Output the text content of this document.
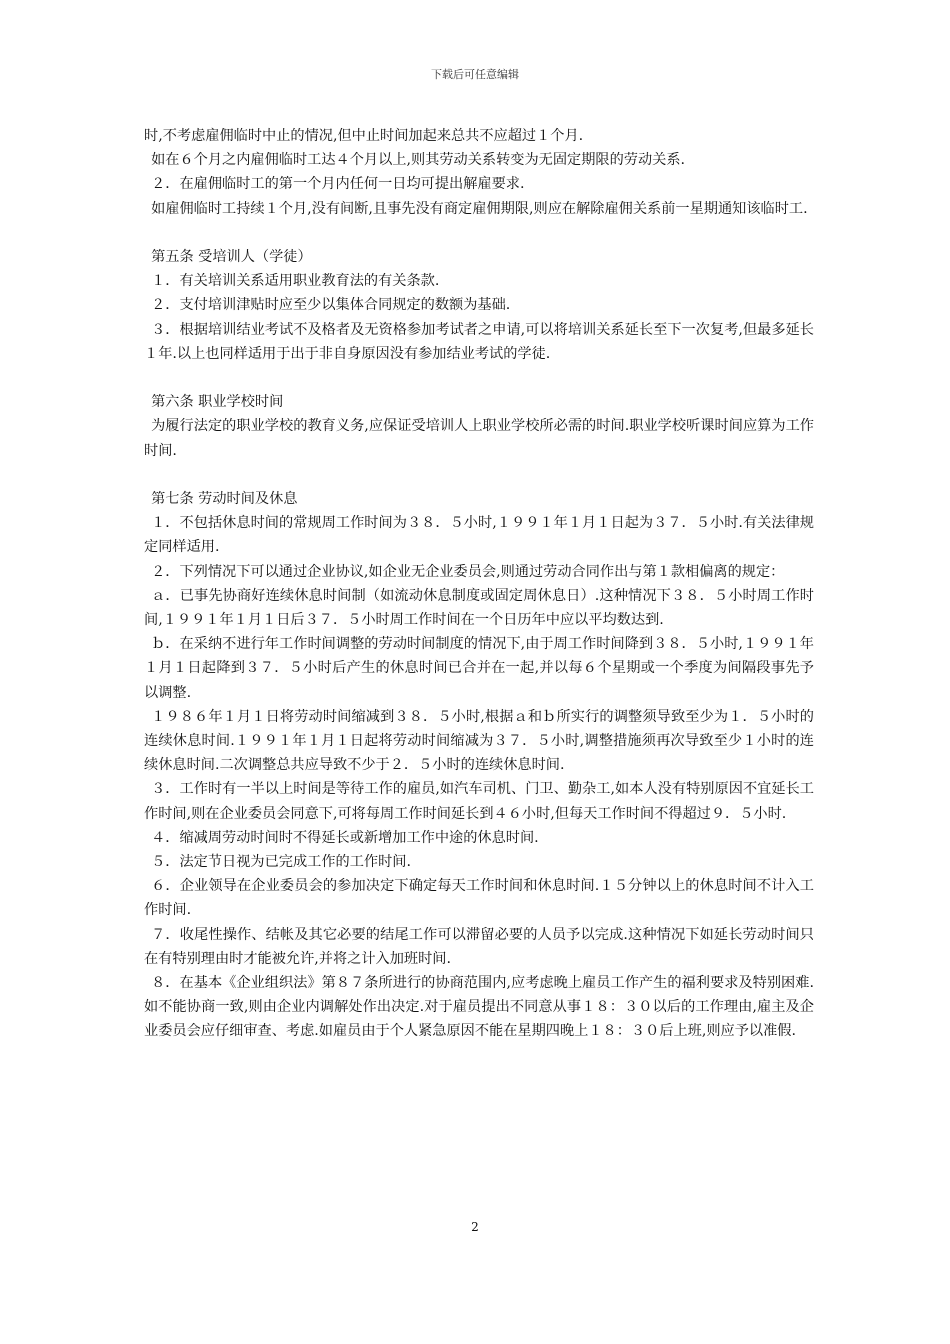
下载后可任意编辑

时,不考虑雇佣临时中止的情况,但中止时间加起来总共不应超过１个月.

如在６个月之内雇佣临时工达４个月以上,则其劳动关系转变为无固定期限的劳动关系.

２．在雇佣临时工的第一个月内任何一日均可提出解雇要求.

如雇佣临时工持续１个月,没有间断,且事先没有商定雇佣期限,则应在解除雇佣关系前一星期通知该临时工.

第五条 受培训人（学徒）

１．有关培训关系适用职业教育法的有关条款.

２．支付培训津贴时应至少以集体合同规定的数额为基础.

３．根据培训结业考试不及格者及无资格参加考试者之申请,可以将培训关系延长至下一次复考,但最多延长１年.以上也同样适用于出于非自身原因没有参加结业考试的学徒.

第六条 职业学校时间

为履行法定的职业学校的教育义务,应保证受培训人上职业学校所必需的时间.职业学校听课时间应算为工作时间.

第七条 劳动时间及休息

１．不包括休息时间的常规周工作时间为３８．５小时,１９９１年１月１日起为３７．５小时.有关法律规定同样适用.

２．下列情况下可以通过企业协议,如企业无企业委员会,则通过劳动合同作出与第１款相偏离的规定：

ａ．已事先协商好连续休息时间制（如流动休息制度或固定周休息日）.这种情况下３８．５小时周工作时间,１９９１年１月１日后３７．５小时周工作时间在一个日历年中应以平均数达到.

ｂ．在采纳不进行年工作时间调整的劳动时间制度的情况下,由于周工作时间降到３８．５小时,１９９１年１月１日起降到３７．５小时后产生的休息时间已合并在一起,并以每６个星期或一个季度为间隔段事先予以调整.

１９８６年１月１日将劳动时间缩减到３８．５小时,根据ａ和ｂ所实行的调整须导致至少为１．５小时的连续休息时间.１９９１年１月１日起将劳动时间缩减为３７．５小时,调整措施须再次导致至少１小时的连续休息时间.二次调整总共应导致不少于２．５小时的连续休息时间.

３．工作时有一半以上时间是等待工作的雇员,如汽车司机、门卫、勤杂工,如本人没有特别原因不宜延长工作时间,则在企业委员会同意下,可将每周工作时间延长到４６小时,但每天工作时间不得超过９．５小时.

４．缩减周劳动时间时不得延长或新增加工作中途的休息时间.

５．法定节日视为已完成工作的工作时间.

６．企业领导在企业委员会的参加决定下确定每天工作时间和休息时间.１５分钟以上的休息时间不计入工作时间.

７．收尾性操作、结帐及其它必要的结尾工作可以滞留必要的人员予以完成.这种情况下如延长劳动时间只在有特别理由时才能被允许,并将之计入加班时间.

８．在基本《企业组织法》第８７条所进行的协商范围内,应考虑晚上雇员工作产生的福利要求及特别困难.如不能协商一致,则由企业内调解处作出决定.对于雇员提出不同意从事１８：３０以后的工作理由,雇主及企业委员会应仔细审查、考虑.如雇员由于个人紧急原因不能在星期四晚上１８：３０后上班,则应予以准假.

2
